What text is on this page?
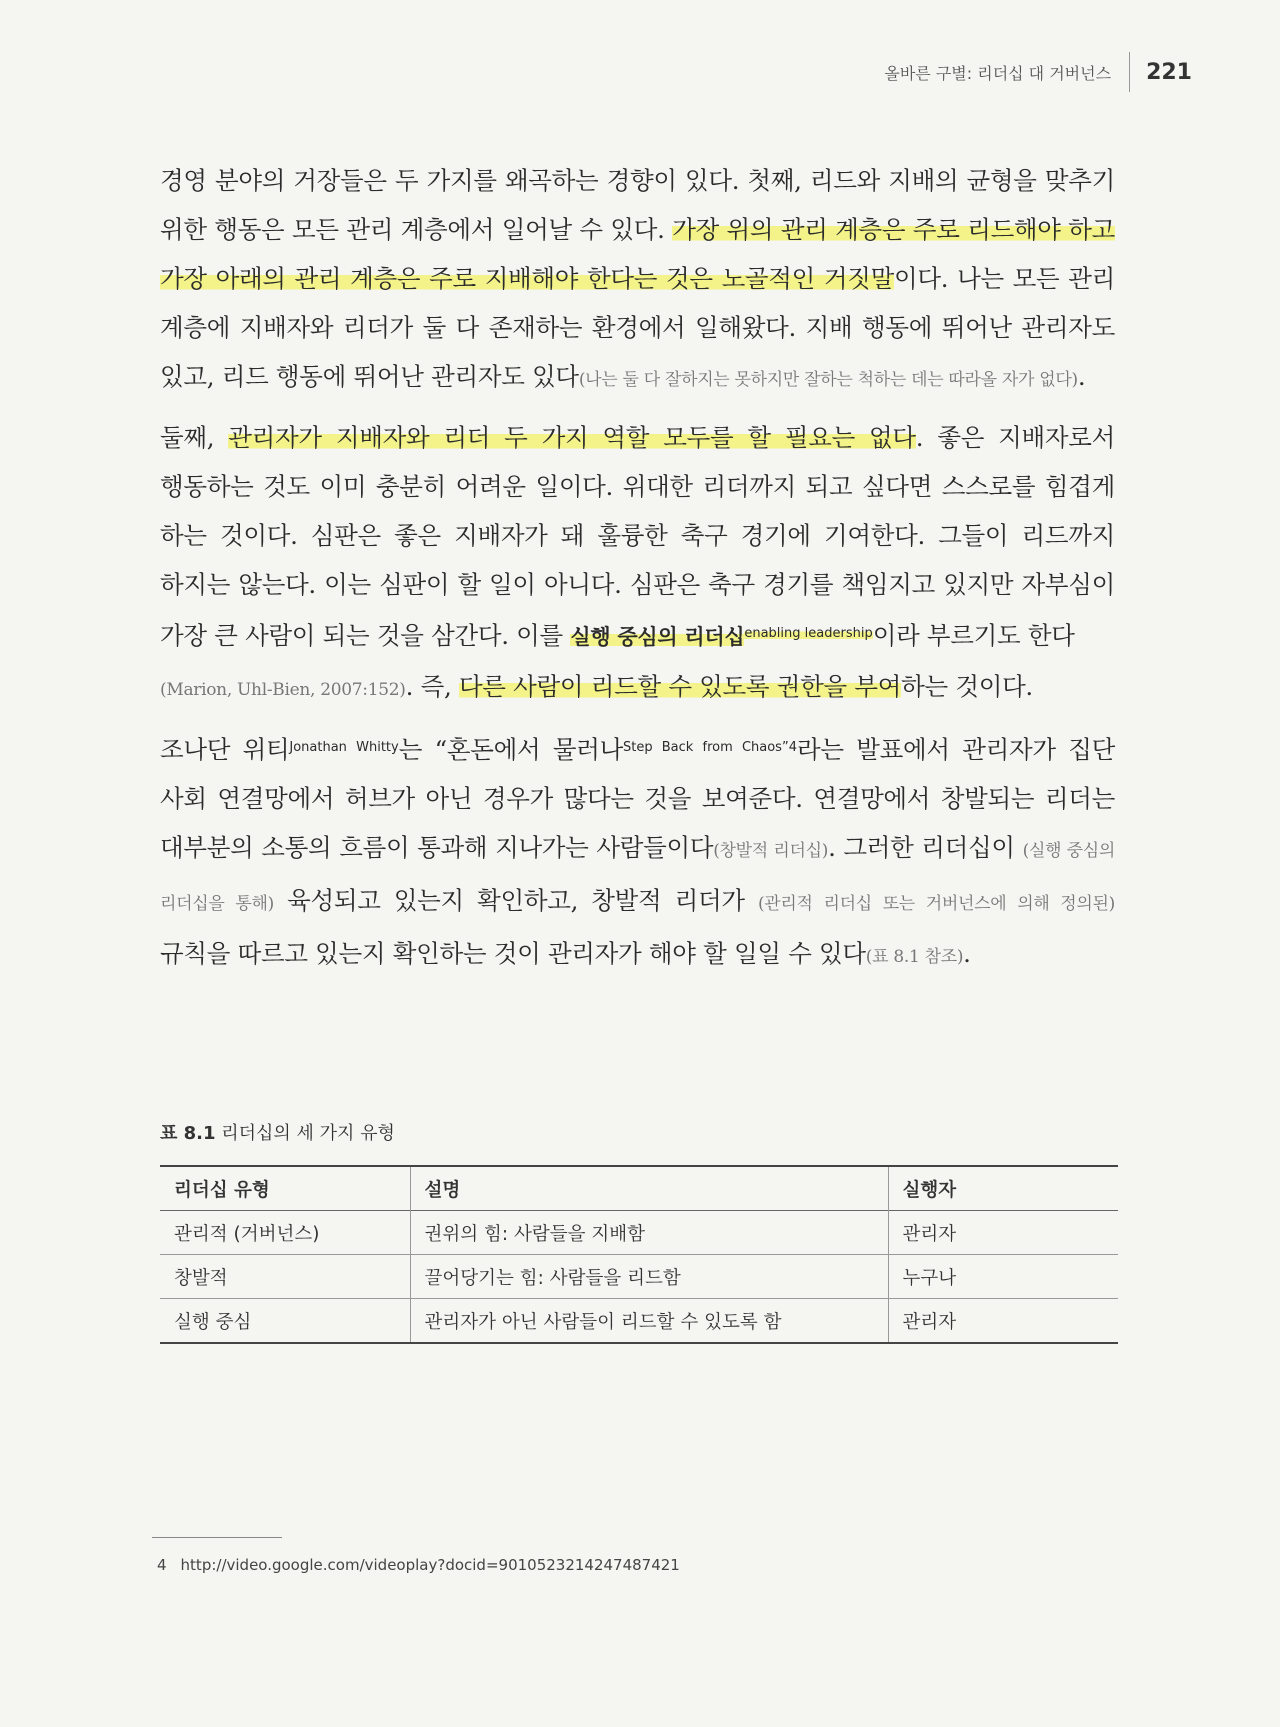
올바른 구별: 리더십 대 거버넌스	221

경영 분야의 거장들은 두 가지를 왜곡하는 경향이 있다. 첫째, 리드와 지배의 균형을 맞추기 위한 행동은 모든 관리 계층에서 일어날 수 있다. 가장 위의 관리 계층은 주로 리드해야 하고 가장 아래의 관리 계층은 주로 지배해야 한다는 것은 노골적인 거짓말이다. 나는 모든 관리 계층에 지배자와 리더가 둘 다 존재하는 환경에서 일해왔다. 지배 행동에 뛰어난 관리자도 있고, 리드 행동에 뛰어난 관리자도 있다(나는 둘 다 잘하지는 못하지만 잘하는 척하는 데는 따라올 자가 없다).

둘째, 관리자가 지배자와 리더 두 가지 역할 모두를 할 필요는 없다. 좋은 지배자로서 행동하는 것도 이미 충분히 어려운 일이다. 위대한 리더까지 되고 싶다면 스스로를 힘겹게 하는 것이다. 심판은 좋은 지배자가 돼 훌륭한 축구 경기에 기여한다. 그들이 리드까지 하지는 않는다. 이는 심판이 할 일이 아니다. 심판은 축구 경기를 책임지고 있지만 자부심이 가장 큰 사람이 되는 것을 삼간다. 이를 실행 중심의 리더십$^{enabling leadership}$이라 부르기도 한다
(Marion, Uhl-Bien, 2007:152). 즉, 다른 사람이 리드할 수 있도록 권한을 부여하는 것이다.

조나단 위티$^{Jonathan Whitty}$는 “혼돈에서 물러나$^{Step Back from Chaos”4}$라는 발표에서 관리자가 집단 사회 연결망에서 허브가 아닌 경우가 많다는 것을 보여준다. 연결망에서 창발되는 리더는 대부분의 소통의 흐름이 통과해 지나가는 사람들이다(창발적 리더십). 그러한 리더십이 (실행 중심의 리더십을 통해) 육성되고 있는지 확인하고, 창발적 리더가 (관리적 리더십 또는 거버넌스에 의해 정의된) 규칙을 따르고 있는지 확인하는 것이 관리자가 해야 할 일일 수 있다(표 8.1 참조).

표 8.1 리더십의 세 가지 유형
리더십 유형	설명	실행자
관리적 (거버넌스)	권위의 힘: 사람들을 지배함	관리자
창발적	끌어당기는 힘: 사람들을 리드함	누구나
실행 중심	관리자가 아닌 사람들이 리드할 수 있도록 함	관리자
4 http://video.google.com/videoplay?docid=9010523214247487421
